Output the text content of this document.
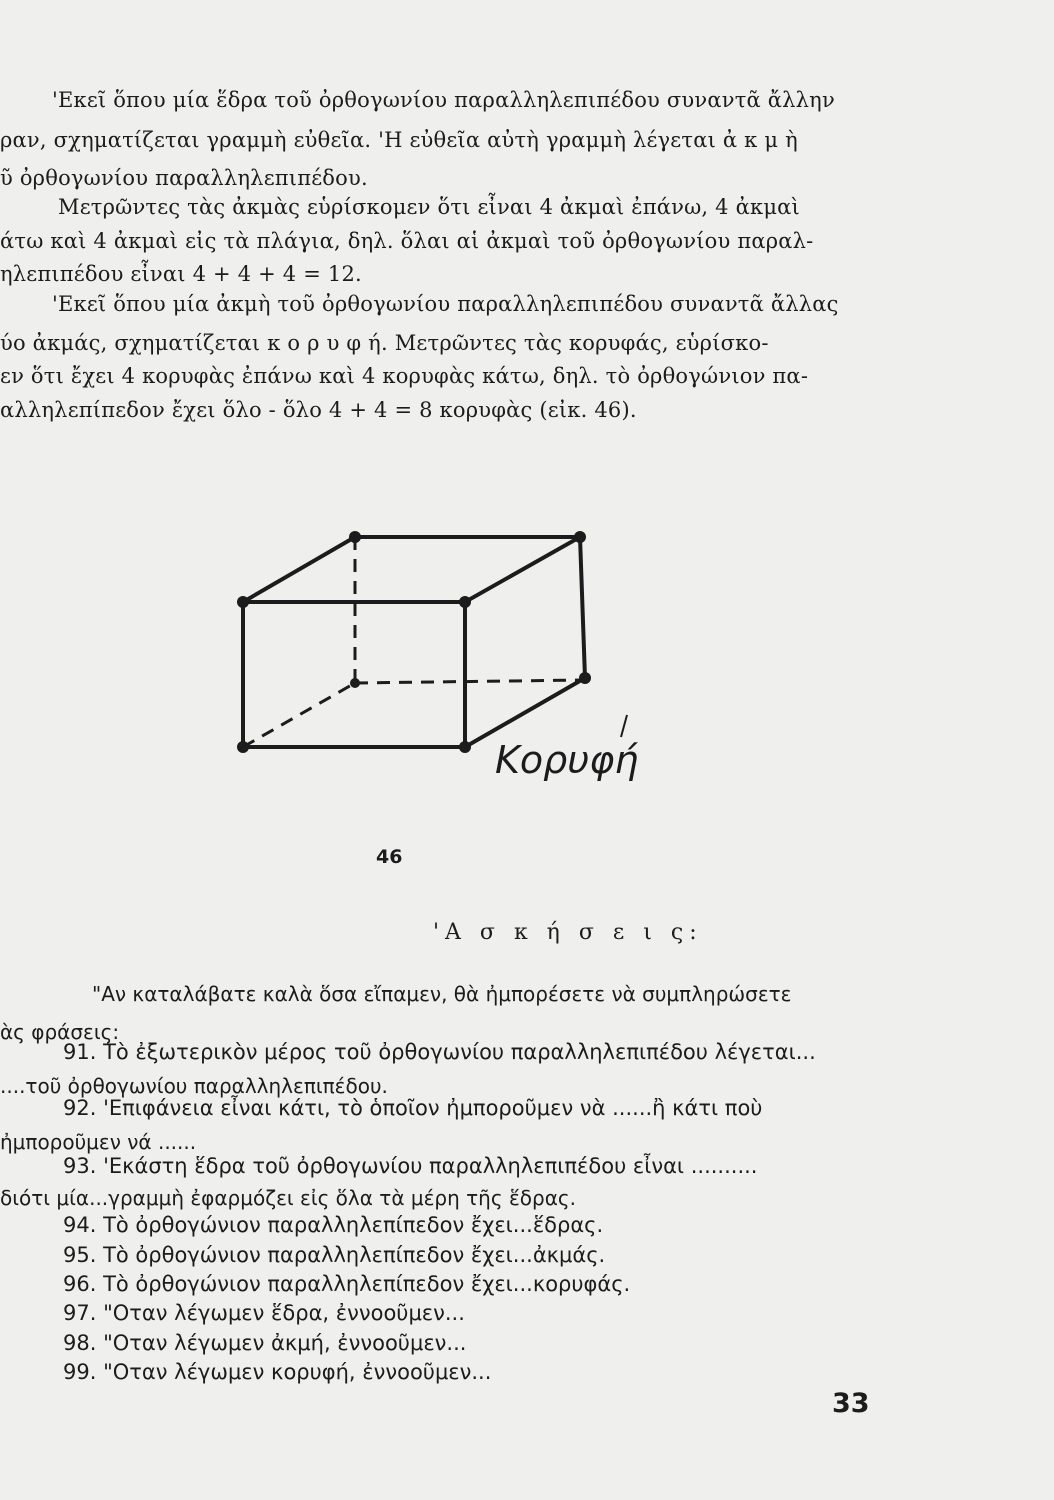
'Εκεῖ ὅπου μία ἕδρα τοῦ ὀρθογωνίου παραλληλεπιπέδου συναντᾶ ἄλλην
ραν, σχηματίζεται γραμμὴ εὐθεῖα. 'Η εὐθεῖα αὐτὴ γραμμὴ λέγεται ἀ κ μ ὴ
ῦ ὀρθογωνίου παραλληλεπιπέδου.
Μετρῶντες τὰς ἀκμὰς εὑρίσκομεν ὅτι εἶναι 4 ἀκμαὶ ἐπάνω, 4 ἀκμαὶ
άτω καὶ 4 ἀκμαὶ εἰς τὰ πλάγια, δηλ. ὅλαι αἱ ἀκμαὶ τοῦ ὀρθογωνίου παραλ-
ηλεπιπέδου εἶναι 4 + 4 + 4 = 12.
'Εκεῖ ὅπου μία ἀκμὴ τοῦ ὀρθογωνίου παραλληλεπιπέδου συναντᾶ ἄλλας
ύο ἀκμάς, σχηματίζεται κ ο ρ υ φ ή. Μετρῶντες τὰς κορυφάς, εὑρίσκο-
εν ὅτι ἔχει 4 κορυφὰς ἐπάνω καὶ 4 κορυφὰς κάτω, δηλ. τὸ ὀρθογώνιον πα-
αλληλεπίπεδον ἔχει ὅλο - ὅλο 4 + 4 = 8 κορυφὰς (εἰκ. 46).
Κορυφή
46
'Α σ κ ή σ ε ι ς:
"Αν καταλάβατε καλὰ ὅσα εἴπαμεν, θὰ ἠμπορέσετε νὰ συμπληρώσετε
ὰς φράσεις:
91. Τὸ ἐξωτερικὸν μέρος τοῦ ὀρθογωνίου παραλληλεπιπέδου λέγεται...
....τοῦ ὀρθογωνίου παραλληλεπιπέδου.
92. 'Επιφάνεια εἶναι κάτι, τὸ ὁποῖον ἠμποροῦμεν νὰ ......ἢ κάτι ποὺ
ἠμποροῦμεν νά ......
93. 'Εκάστη ἕδρα τοῦ ὀρθογωνίου παραλληλεπιπέδου εἶναι ..........
διότι μία...γραμμὴ ἐφαρμόζει εἰς ὅλα τὰ μέρη τῆς ἕδρας.
94. Τὸ ὀρθογώνιον παραλληλεπίπεδον ἔχει...ἕδρας.
95. Τὸ ὀρθογώνιον παραλληλεπίπεδον ἔχει...ἀκμάς.
96. Τὸ ὀρθογώνιον παραλληλεπίπεδον ἔχει...κορυφάς.
97. "Οταν λέγωμεν ἕδρα, ἐννοοῦμεν...
98. "Οταν λέγωμεν ἀκμή, ἐννοοῦμεν...
99. "Οταν λέγωμεν κορυφή, ἐννοοῦμεν...
33
